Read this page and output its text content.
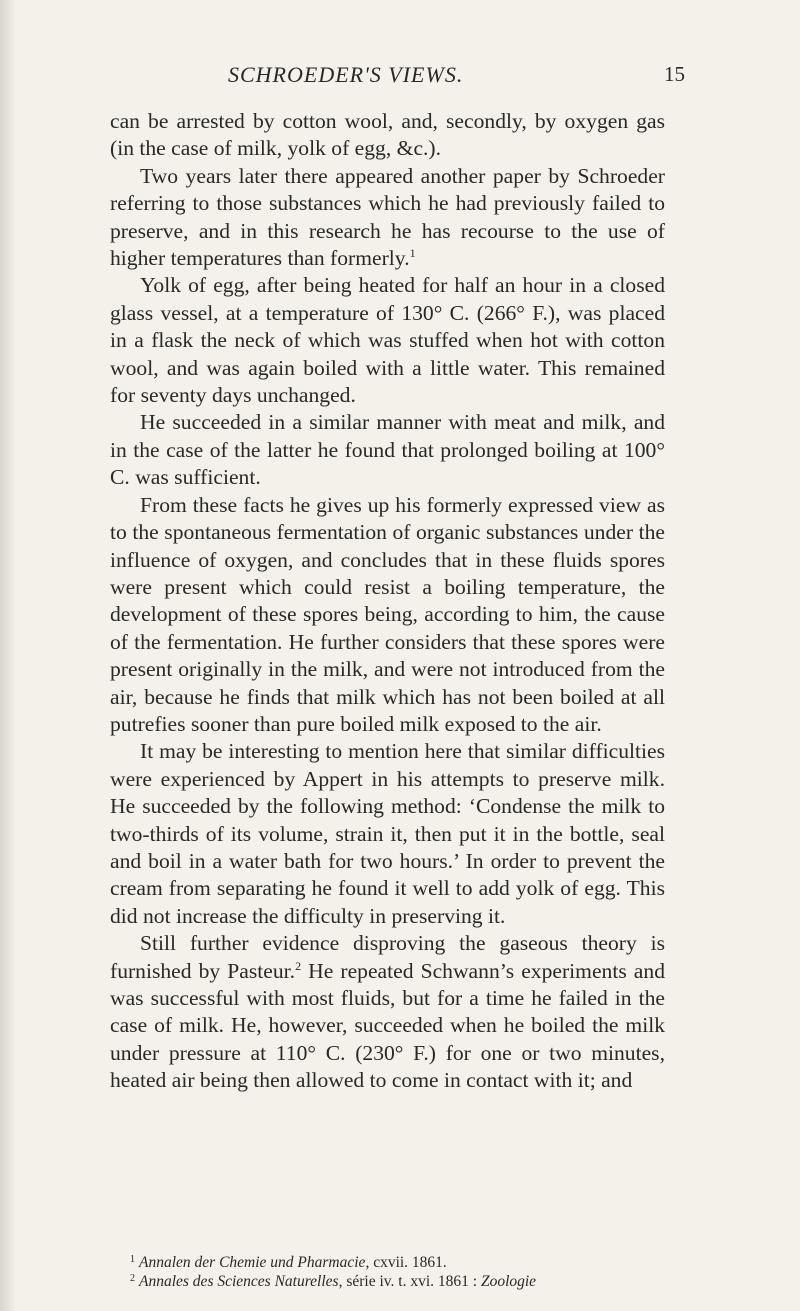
SCHROEDER'S VIEWS.	15

can be arrested by cotton wool, and, secondly, by oxygen gas (in the case of milk, yolk of egg, &c.).

Two years later there appeared another paper by Schroeder referring to those substances which he had previously failed to preserve, and in this research he has recourse to the use of higher temperatures than formerly.$^1$

Yolk of egg, after being heated for half an hour in a closed glass vessel, at a temperature of 130° C. (266° F.), was placed in a flask the neck of which was stuffed when hot with cotton wool, and was again boiled with a little water. This remained for seventy days unchanged.

He succeeded in a similar manner with meat and milk, and in the case of the latter he found that prolonged boiling at 100° C. was sufficient.

From these facts he gives up his formerly expressed view as to the spontaneous fermentation of organic substances under the influence of oxygen, and concludes that in these fluids spores were present which could resist a boiling temperature, the development of these spores being, according to him, the cause of the fermentation. He further considers that these spores were present originally in the milk, and were not introduced from the air, because he finds that milk which has not been boiled at all putrefies sooner than pure boiled milk exposed to the air.

It may be interesting to mention here that similar difficulties were experienced by Appert in his attempts to preserve milk. He succeeded by the following method: ‘Condense the milk to two-thirds of its volume, strain it, then put it in the bottle, seal and boil in a water bath for two hours.’ In order to prevent the cream from separating he found it well to add yolk of egg. This did not increase the difficulty in preserving it.

Still further evidence disproving the gaseous theory is furnished by Pasteur.$^2$ He repeated Schwann’s experiments and was successful with most fluids, but for a time he failed in the case of milk. He, however, succeeded when he boiled the milk under pressure at 110° C. (230° F.) for one or two minutes, heated air being then allowed to come in contact with it; and

$^1$ Annalen der Chemie und Pharmacie, cxvii. 1861.
$^2$ Annales des Sciences Naturelles, série iv. t. xvi. 1861 : Zoologie
